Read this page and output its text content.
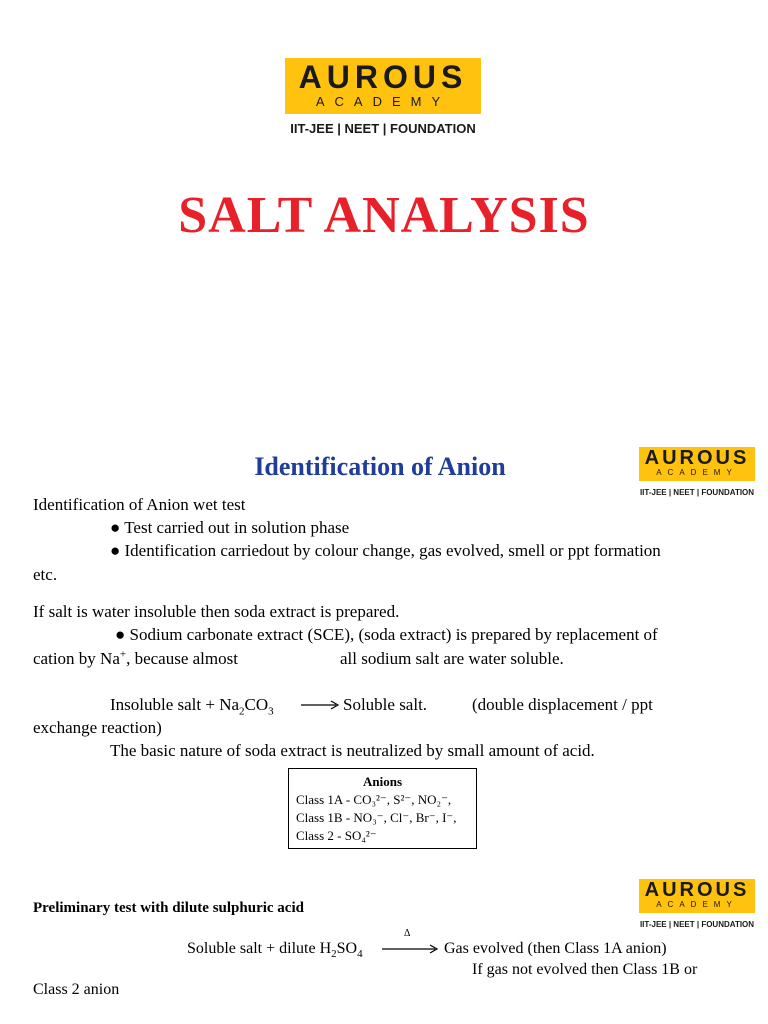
AUROUS
ACADEMY
IIT-JEE | NEET | FOUNDATION
SALT ANALYSIS
AUROUS
ACADEMY
IIT-JEE | NEET | FOUNDATION
Identification of Anion
Identification of Anion wet test
● Test carried out in solution phase
● Identification carriedout by colour change, gas evolved, smell or ppt formation
etc.
If salt is water insoluble then soda extract is prepared.
● Sodium carbonate extract (SCE), (soda extract) is prepared by replacement of
cation by Na+, because almost	all sodium salt are water soluble.
Insoluble salt + $Na_2CO_3$ → Soluble salt.	(double displacement / ppt
exchange reaction)
The basic nature of soda extract is neutralized by small amount of acid.
Anions
Class 1A - CO₃²⁻, S²⁻, NO₂⁻,
Class 1B - NO₃⁻, Cl⁻, Br⁻, I⁻,
Class 2 - SO₄²⁻
AUROUS
ACADEMY
IIT-JEE | NEET | FOUNDATION
Preliminary test with dilute sulphuric acid
Soluble salt + dilute $H_2SO_4$
Δ
Gas evolved (then Class 1A anion)
If gas not evolved then Class 1B or
Class 2 anion
